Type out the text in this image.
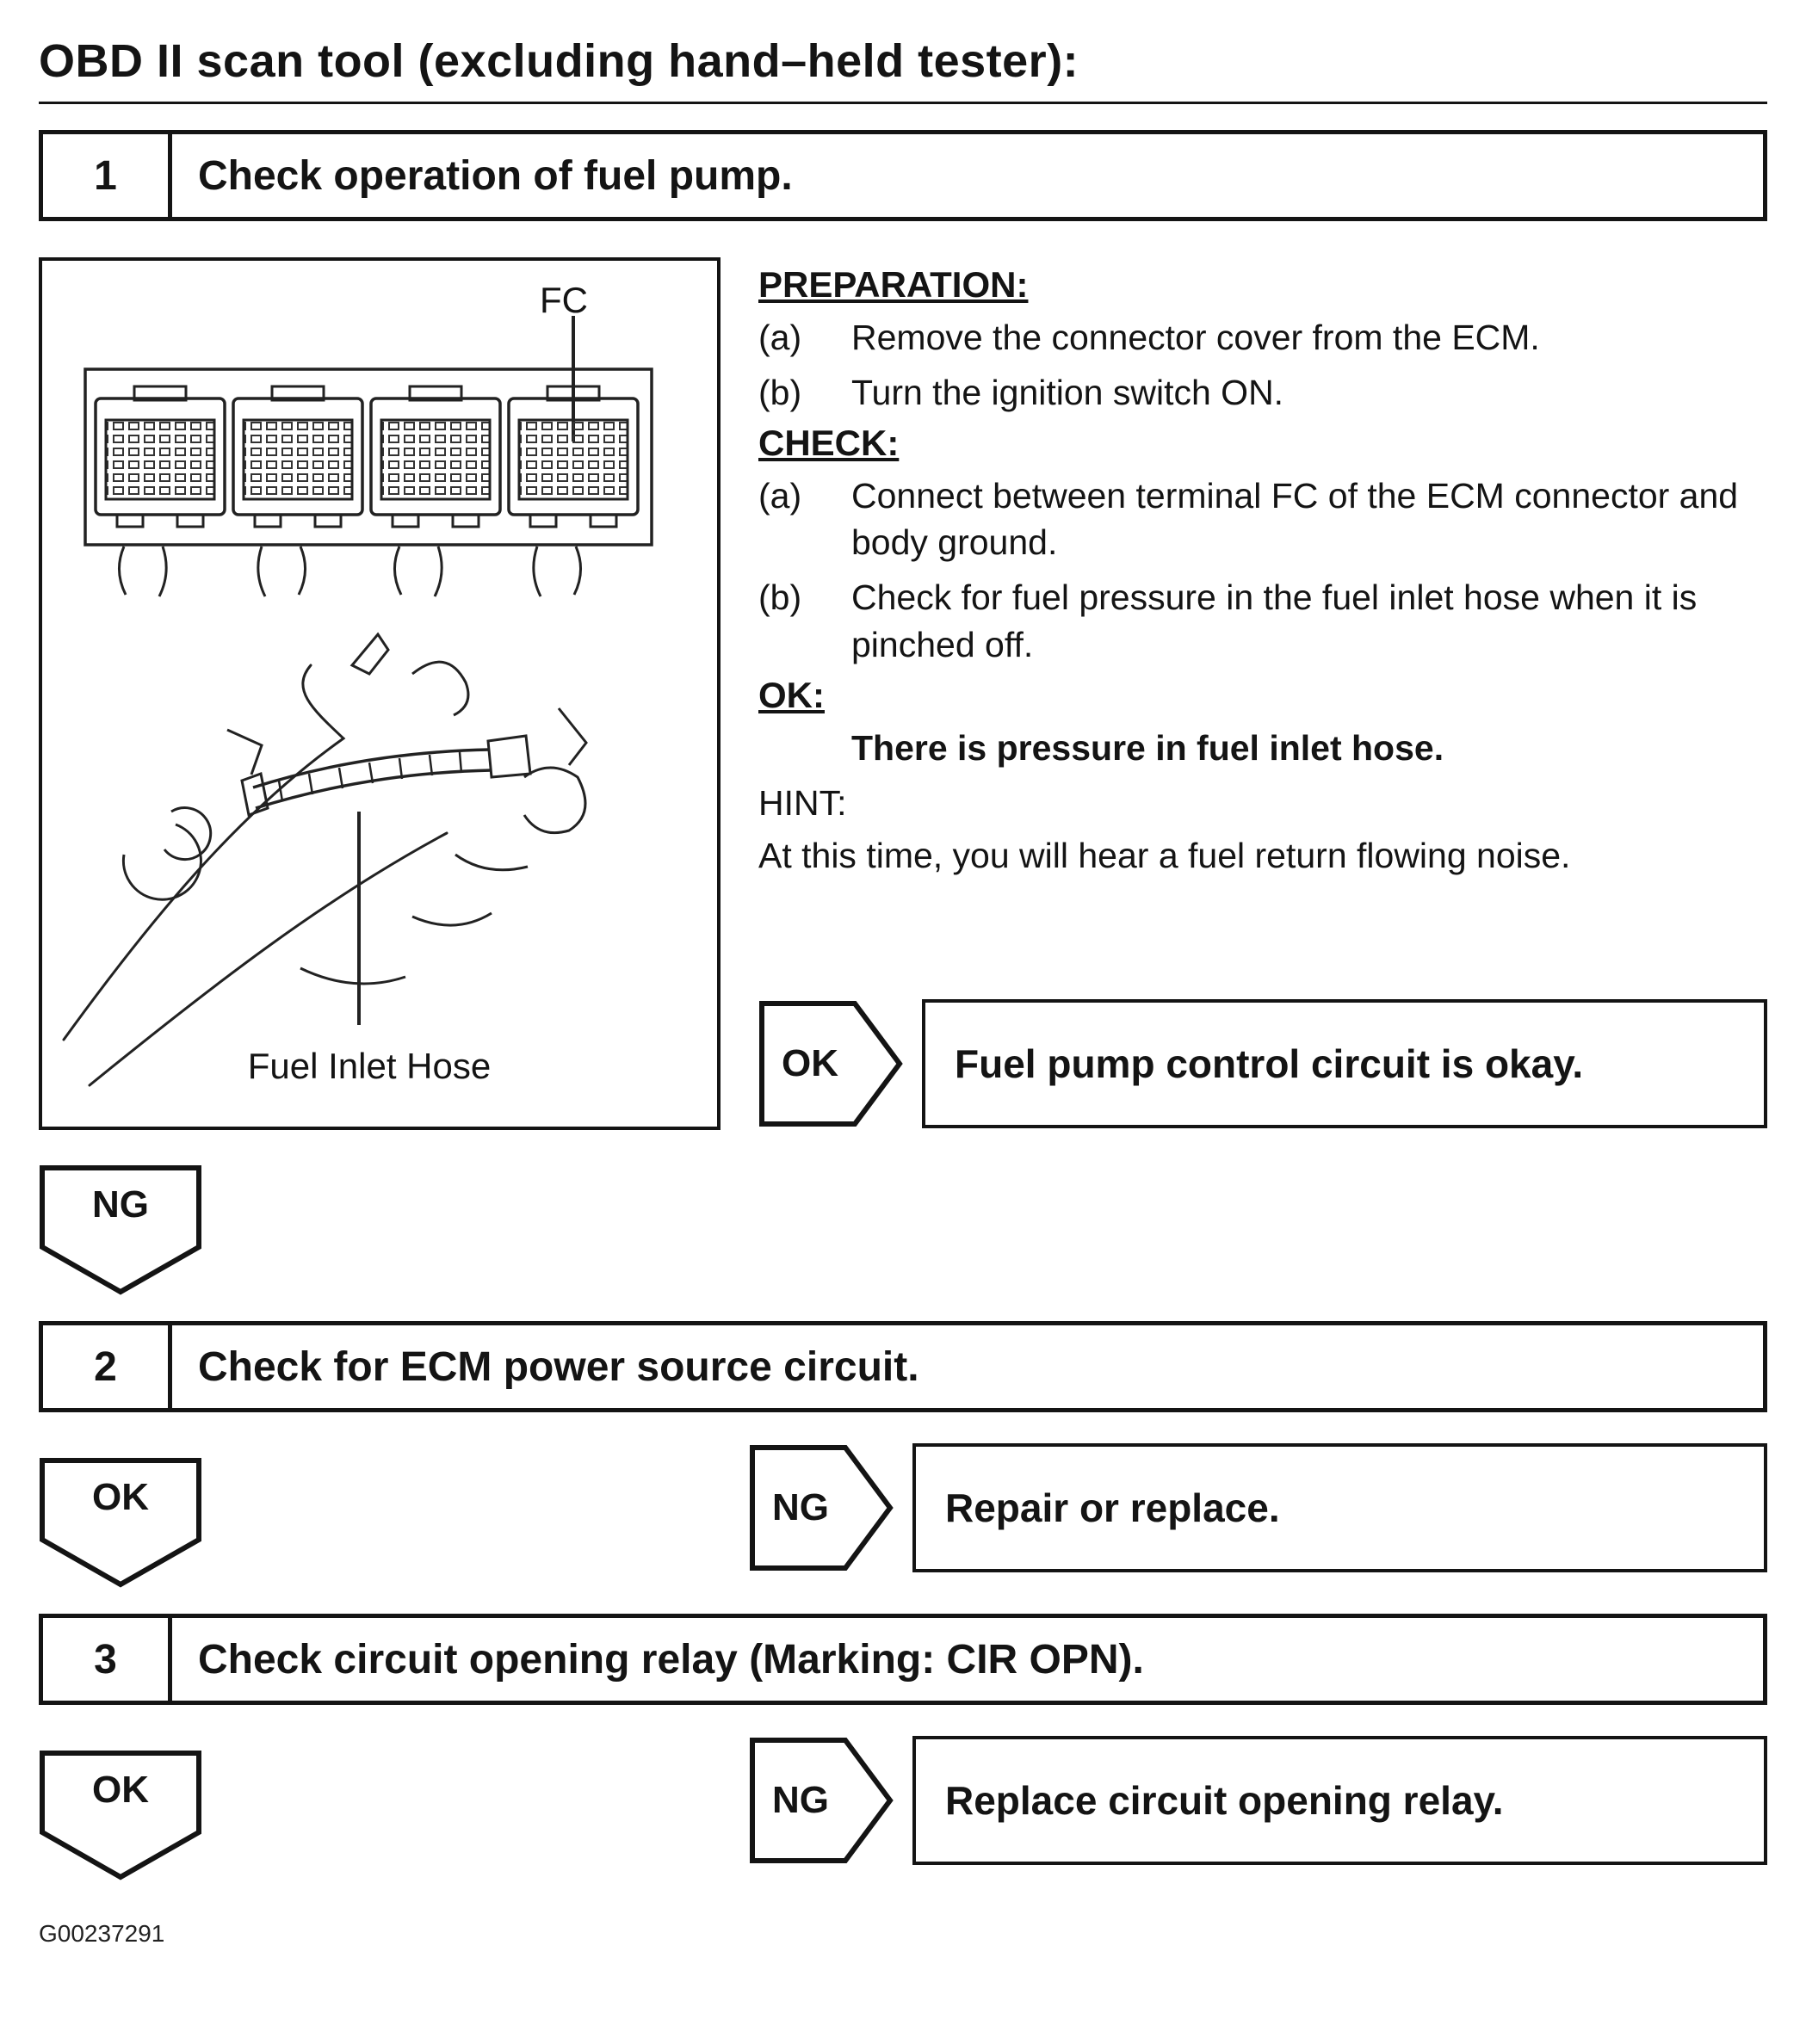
OBD II scan tool (excluding hand–held tester):
1	Check operation of fuel pump.
FC
Fuel Inlet Hose
PREPARATION:
(a)	Remove the connector cover from the ECM.
(b)	Turn the ignition switch ON.
CHECK:
(a)	Connect between terminal FC of the ECM connector and body ground.
(b)	Check for fuel pressure in the fuel inlet hose when it is pinched off.
OK:
There is pressure in fuel inlet hose.
HINT:
At this time, you will hear a fuel return flowing noise.
OK	Fuel pump control circuit is okay.
NG
2	Check for ECM power source circuit.
OK	NG	Repair or replace.
3	Check circuit opening relay (Marking: CIR OPN).
OK	NG	Replace circuit opening relay.
G00237291
